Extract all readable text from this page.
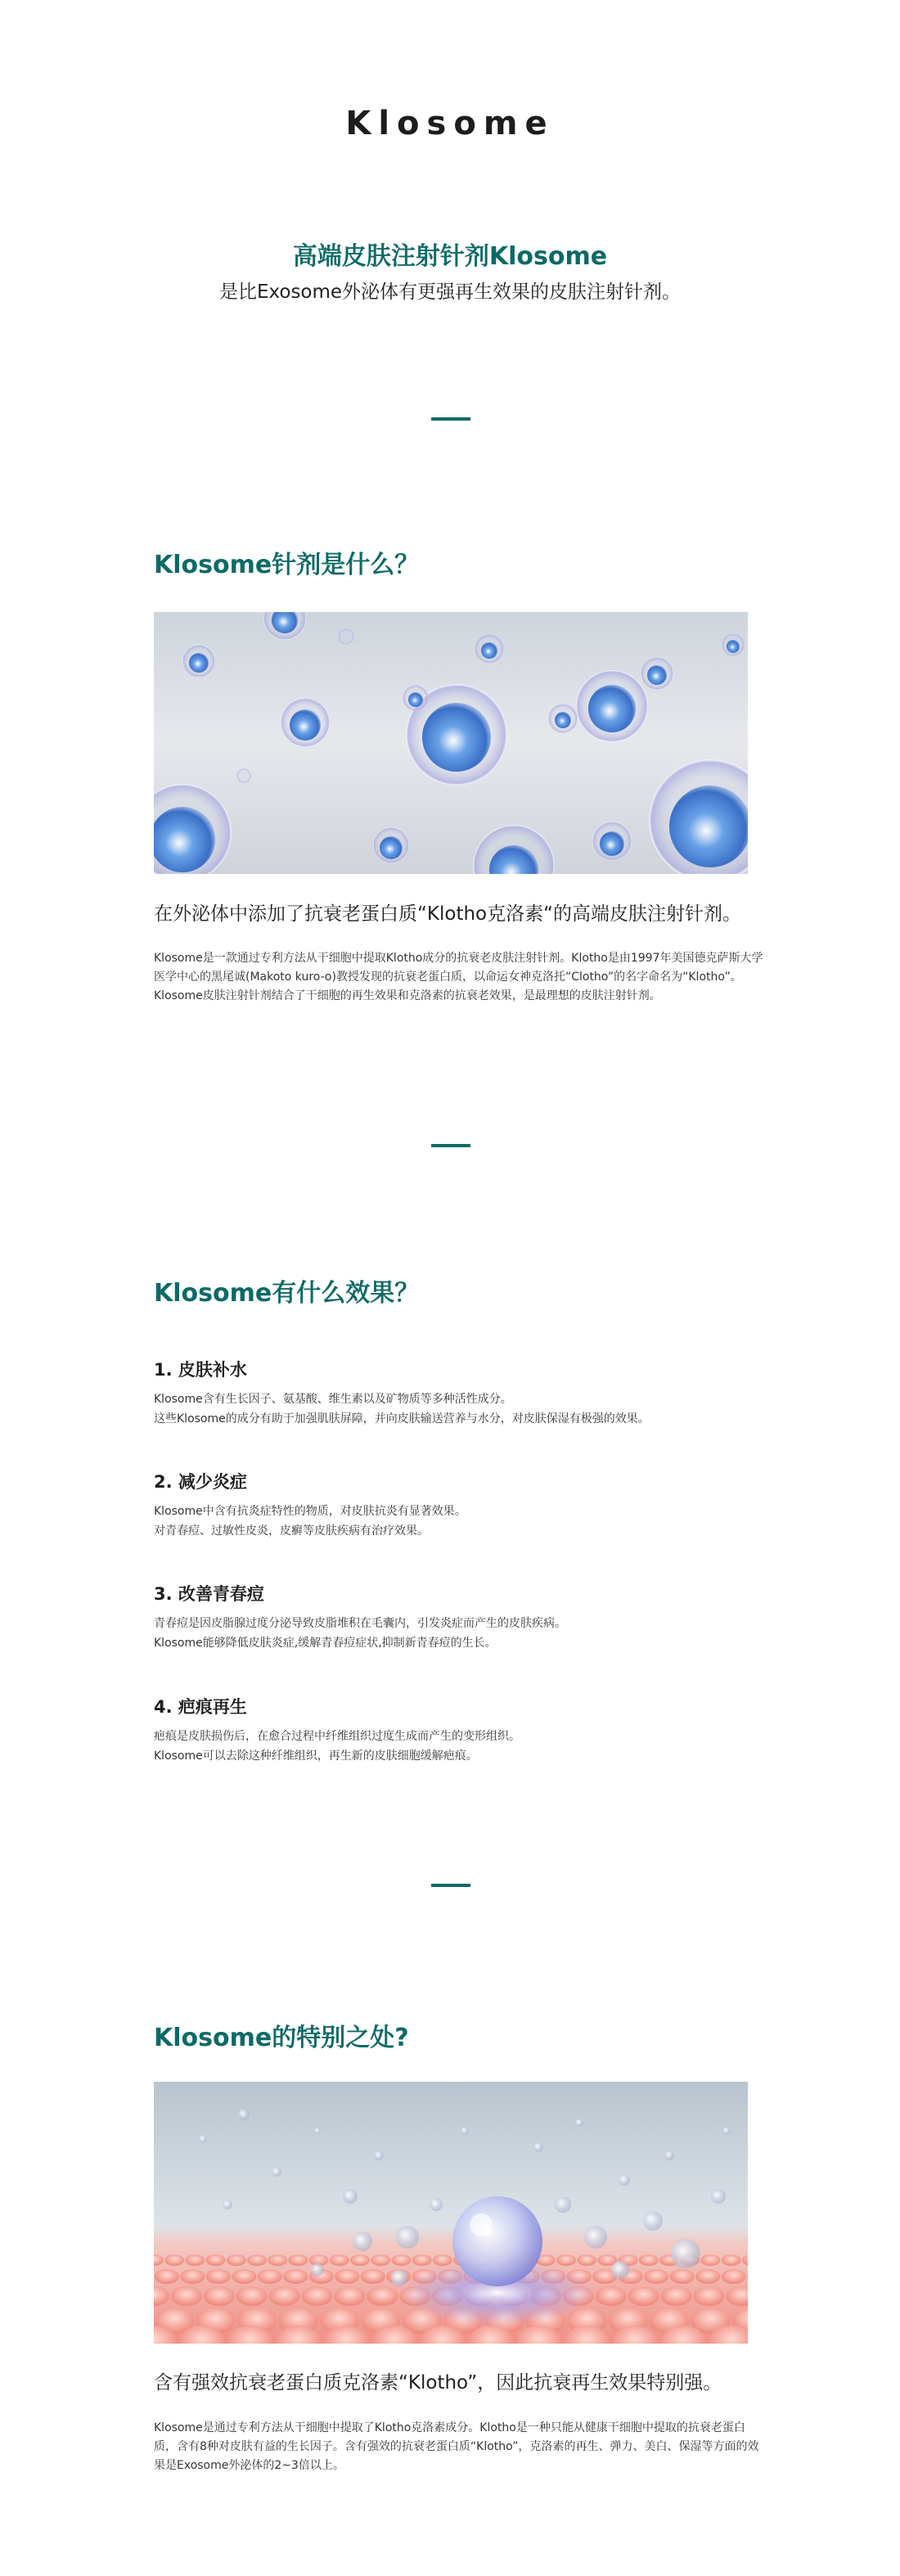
Klosome
高端皮肤注射针剂Klosome
是比Exosome外泌体有更强再生效果的皮肤注射针剂。
Klosome针剂是什么？
在外泌体中添加了抗衰老蛋白质“Klotho克洛素“的高端皮肤注射针剂。
Klosome是一款通过专利方法从干细胞中提取Klotho成分的抗衰老皮肤注射针剂。Klotho是由1997年美国德克萨斯大学医学中心的黑尾诚(Makoto kuro-o)教授发现的抗衰老蛋白质，以命运女神克洛托“Clotho”的名字命名为“Klotho”。Klosome皮肤注射针剂结合了干细胞的再生效果和克洛素的抗衰老效果，是最理想的皮肤注射针剂。
Klosome有什么效果？
1. 皮肤补水
Klosome含有生长因子、氨基酸、维生素以及矿物质等多种活性成分。
这些Klosome的成分有助于加强肌肤屏障，并向皮肤输送营养与水分，对皮肤保湿有极强的效果。
2. 减少炎症
Klosome中含有抗炎症特性的物质，对皮肤抗炎有显著效果。
对青春痘、过敏性皮炎，皮癣等皮肤疾病有治疗效果。
3. 改善青春痘
青春痘是因皮脂腺过度分泌导致皮脂堆积在毛囊内，引发炎症而产生的皮肤疾病。
Klosome能够降低皮肤炎症,缓解青春痘症状,抑制新青春痘的生长。
4. 疤痕再生
疤痕是皮肤损伤后，在愈合过程中纤维组织过度生成而产生的变形组织。
Klosome可以去除这种纤维组织，再生新的皮肤细胞缓解疤痕。
Klosome的特别之处?
含有强效抗衰老蛋白质克洛素“Klotho”，因此抗衰再生效果特别强。
Klosome是通过专利方法从干细胞中提取了Klotho克洛素成分。Klotho是一种只能从健康干细胞中提取的抗衰老蛋白质，含有8种对皮肤有益的生长因子。含有强效的抗衰老蛋白质“Klotho”，克洛素的再生、弹力、美白、保湿等方面的效果是Exosome外泌体的2~3倍以上。
